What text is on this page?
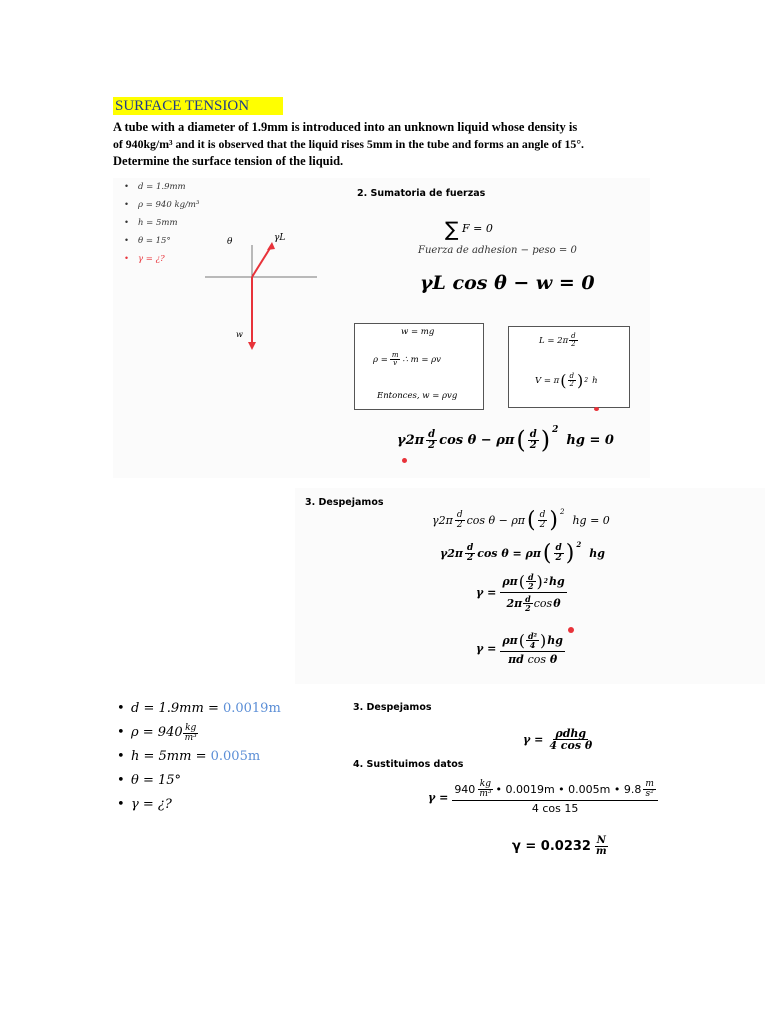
SURFACE TENSION
A tube with a diameter of 1.9mm is introduced into an unknown liquid whose density is
of 940kg/m³ and it is observed that the liquid rises 5mm in the tube and forms an angle of 15°.
Determine the surface tension of the liquid.
• d = 1.9mm
• ρ = 940 kg/m³
• h = 5mm
• θ = 15°
• γ = ¿?
θ	γL
w
2. Sumatoria de fuerzas
∑ F = 0
Fuerza de adhesion − peso = 0
γL cos θ − w = 0
w = mg
$\rho = \frac{m}{v}$ ∴ m = ρv
Entonces, w = ρvg
$L = 2\pi \frac{d}{2}$
V = π ( $\frac{d}{2}$ ) 2 h
$\gamma 2\pi \frac{d}{2}$ cos θ − ρπ ( $\frac{d}{2} )^2$
hg = 0
3. Despejamos
$\gamma 2\pi \frac{d}{2}$ cos θ − ρπ ( $\frac{d}{2}$ ) $^2$
hg = 0
$\gamma 2\pi \frac{d}{2}$ cos θ = ρπ ( $\frac{d}{2}$ ) $^2$
hg
$\gamma = \frac{\rho\pi ( \frac{d}{2} ) 2 hg}{2\pi \frac{d}{2} \cos \theta}$
$\gamma = \frac{\rho\pi ( \frac{\text{d²}}{4} ) hg}{\text{πd cos θ}}$
• d = 1.9mm = 0.0019m
• $\rho = 940 \frac{kg}{\text{m³}}$
• h = 5mm = 0.005m
• θ = 15°
• γ = ¿?
3. Despejamos
$\gamma = \frac{\text{ρdhg}}{\text{4 cos θ}}$
4. Sustituimos datos
$\gamma = \frac{940 \frac{kg}{\text{m³}} • 0.0019m • 0.005m • 9.8 \frac{m}{\text{s²}}}{4 \cos 15}$
$\gamma = 0.0232 \frac{N}{m}$
